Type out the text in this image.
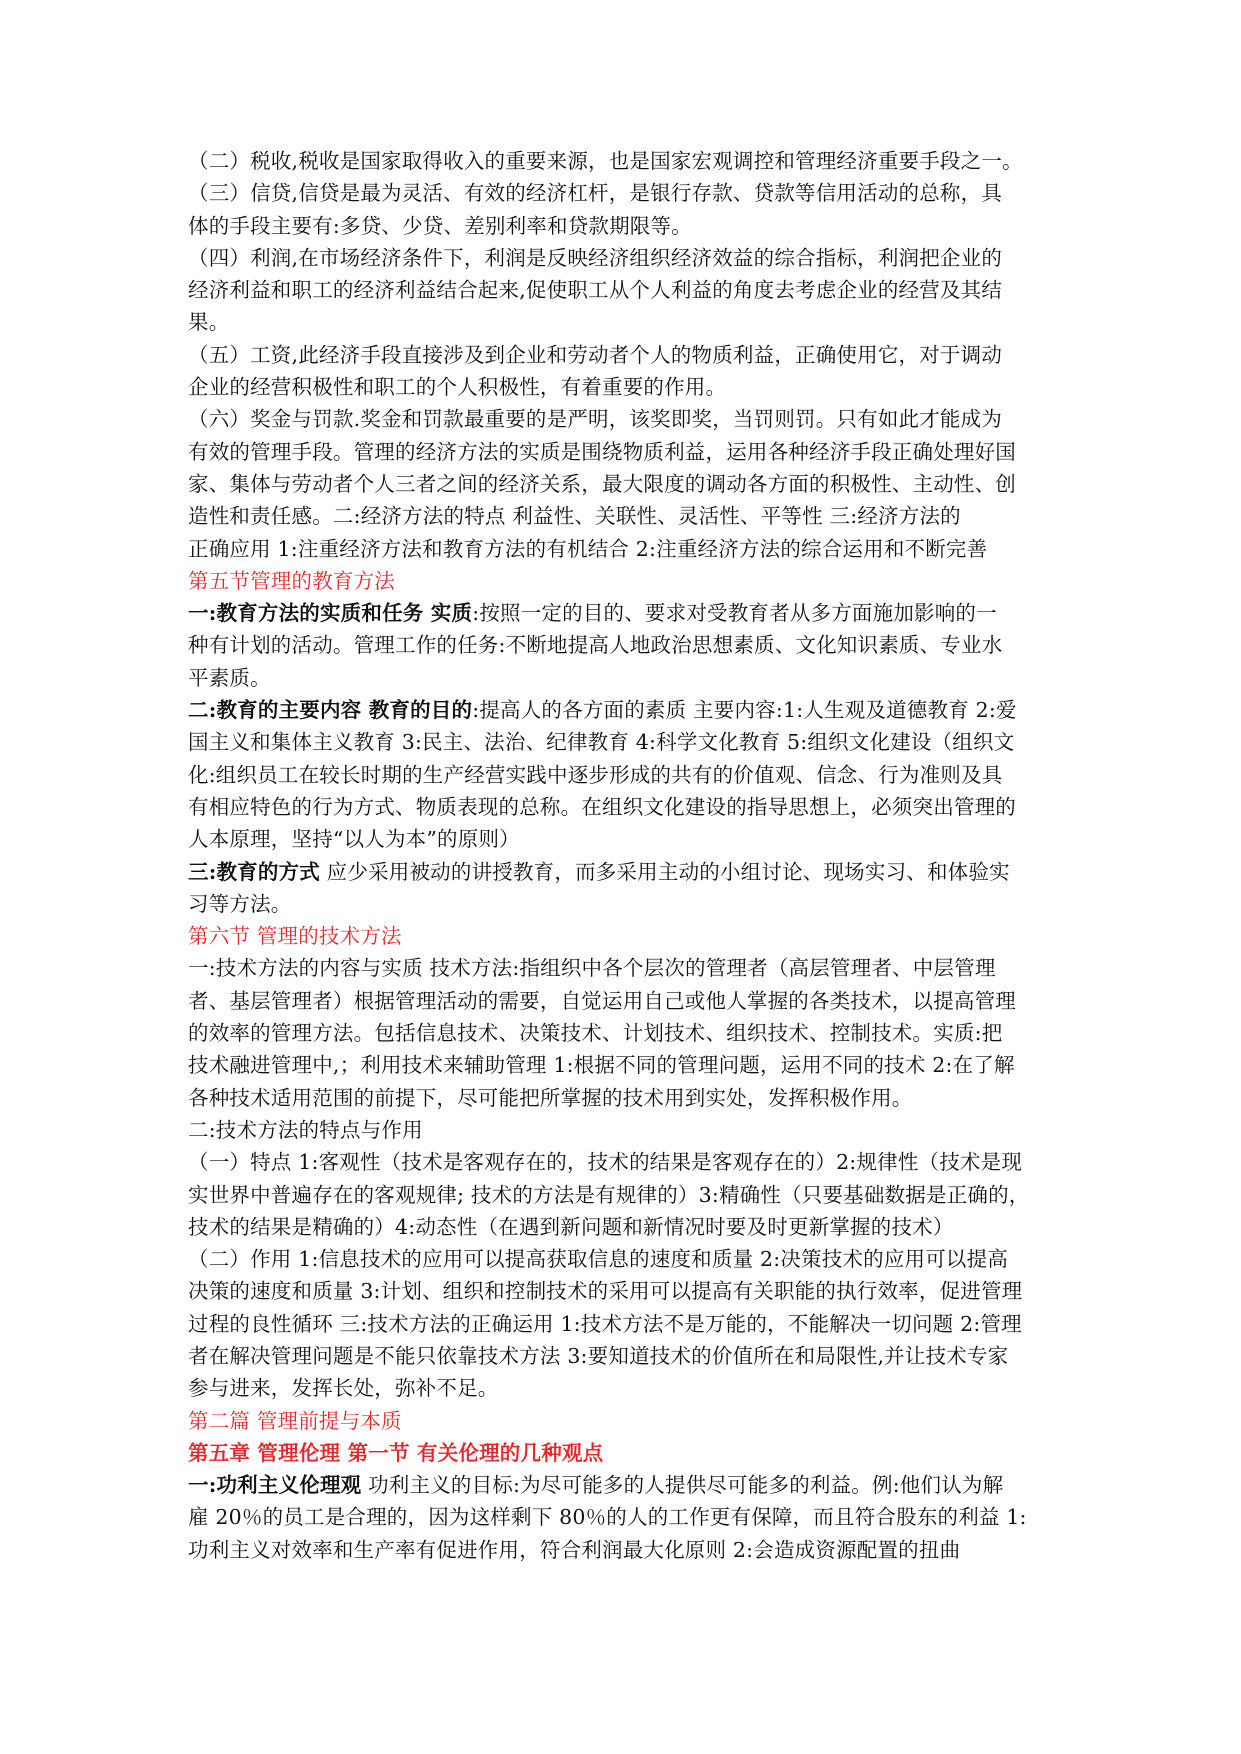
（二）税收,税收是国家取得收入的重要来源，也是国家宏观调控和管理经济重要手段之一。
（三）信贷,信贷是最为灵活、有效的经济杠杆，是银行存款、贷款等信用活动的总称，具
体的手段主要有:多贷、少贷、差别利率和贷款期限等。
（四）利润,在市场经济条件下，利润是反映经济组织经济效益的综合指标，利润把企业的
经济利益和职工的经济利益结合起来,促使职工从个人利益的角度去考虑企业的经营及其结
果。
（五）工资,此经济手段直接涉及到企业和劳动者个人的物质利益，正确使用它，对于调动
企业的经营积极性和职工的个人积极性，有着重要的作用。
（六）奖金与罚款.奖金和罚款最重要的是严明，该奖即奖，当罚则罚。只有如此才能成为
有效的管理手段。管理的经济方法的实质是围绕物质利益，运用各种经济手段正确处理好国
家、集体与劳动者个人三者之间的经济关系，最大限度的调动各方面的积极性、主动性、创
造性和责任感。二:经济方法的特点 利益性、关联性、灵活性、平等性 三:经济方法的
正确应用 1:注重经济方法和教育方法的有机结合 2:注重经济方法的综合运用和不断完善
第五节管理的教育方法
一:教育方法的实质和任务 实质:按照一定的目的、要求对受教育者从多方面施加影响的一
种有计划的活动。管理工作的任务:不断地提高人地政治思想素质、文化知识素质、专业水
平素质。
二:教育的主要内容 教育的目的:提高人的各方面的素质 主要内容:1:人生观及道德教育 2:爱
国主义和集体主义教育 3:民主、法治、纪律教育 4:科学文化教育 5:组织文化建设（组织文
化:组织员工在较长时期的生产经营实践中逐步形成的共有的价值观、信念、行为准则及具
有相应特色的行为方式、物质表现的总称。在组织文化建设的指导思想上，必须突出管理的
人本原理，坚持“以人为本”的原则）
三:教育的方式 应少采用被动的讲授教育，而多采用主动的小组讨论、现场实习、和体验实
习等方法。
第六节 管理的技术方法
一:技术方法的内容与实质 技术方法:指组织中各个层次的管理者（高层管理者、中层管理
者、基层管理者）根据管理活动的需要，自觉运用自己或他人掌握的各类技术，以提高管理
的效率的管理方法。包括信息技术、决策技术、计划技术、组织技术、控制技术。实质:把
技术融进管理中,；利用技术来辅助管理 1:根据不同的管理问题，运用不同的技术 2:在了解
各种技术适用范围的前提下，尽可能把所掌握的技术用到实处，发挥积极作用。
二:技术方法的特点与作用
（一）特点 1:客观性（技术是客观存在的，技术的结果是客观存在的）2:规律性（技术是现
实世界中普遍存在的客观规律; 技术的方法是有规律的）3:精确性（只要基础数据是正确的，
技术的结果是精确的）4:动态性（在遇到新问题和新情况时要及时更新掌握的技术）
（二）作用 1:信息技术的应用可以提高获取信息的速度和质量 2:决策技术的应用可以提高
决策的速度和质量 3:计划、组织和控制技术的采用可以提高有关职能的执行效率，促进管理
过程的良性循环 三:技术方法的正确运用 1:技术方法不是万能的，不能解决一切问题 2:管理
者在解决管理问题是不能只依靠技术方法 3:要知道技术的价值所在和局限性,并让技术专家
参与进来，发挥长处，弥补不足。
第二篇 管理前提与本质
第五章 管理伦理 第一节 有关伦理的几种观点
一:功利主义伦理观 功利主义的目标:为尽可能多的人提供尽可能多的利益。例:他们认为解
雇 20％的员工是合理的，因为这样剩下 80％的人的工作更有保障，而且符合股东的利益 1:
功利主义对效率和生产率有促进作用，符合利润最大化原则 2:会造成资源配置的扭曲
